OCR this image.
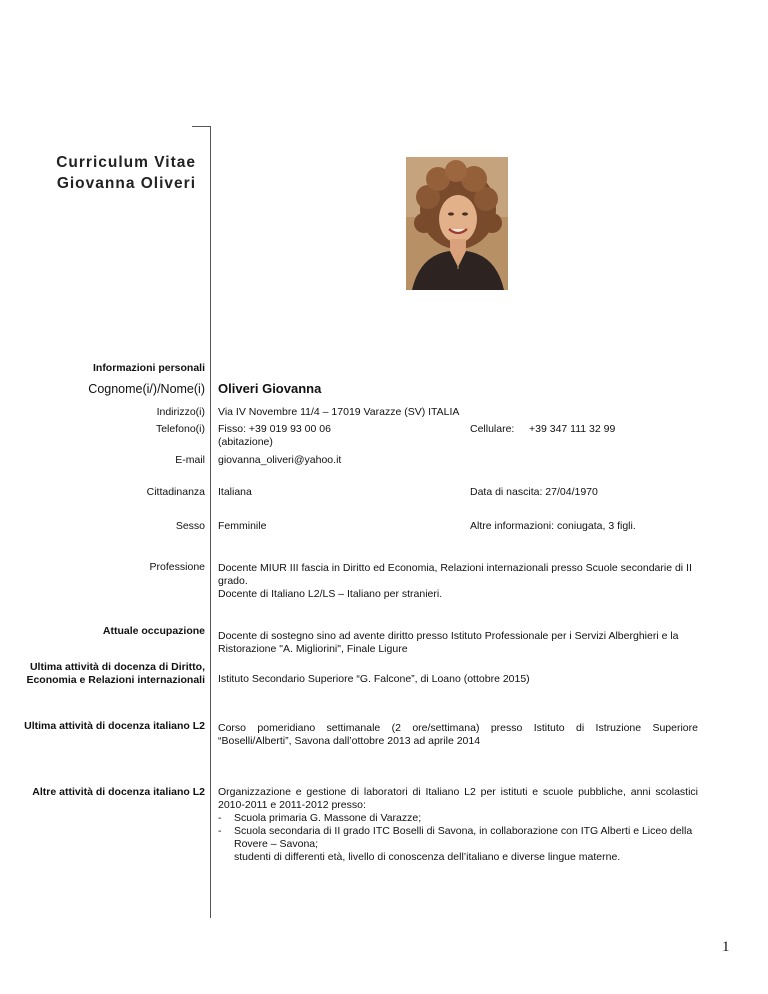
Curriculum Vitae
Giovanna Oliveri
Informazioni personali
Cognome(i/)/Nome(i) Oliveri Giovanna
Indirizzo(i) Via IV Novembre 11/4 – 17019 Varazze (SV) ITALIA
Telefono(i) Fisso: +39 019 93 00 06
(abitazione)
Cellulare: +39 347 111 32 99
E-mail giovanna_oliveri@yahoo.it
Cittadinanza Italiana	Data di nascita: 27/04/1970
Sesso Femminile	Altre informazioni: coniugata, 3 figli.
Professione Docente MIUR III fascia in Diritto ed Economia, Relazioni internazionali presso Scuole secondarie di II grado.
Docente di Italiano L2/LS – Italiano per stranieri.
Attuale occupazione Docente di sostegno sino ad avente diritto presso Istituto Professionale per i Servizi Alberghieri e la Ristorazione "A. Migliorini", Finale Ligure
Ultima attività di docenza di Diritto,
Economia e Relazioni internazionali Istituto Secondario Superiore “G. Falcone”, di Loano (ottobre 2015)
Ultima attività di docenza italiano L2 Corso pomeridiano settimanale (2 ore/settimana) presso Istituto di Istruzione Superiore “Boselli/Alberti”, Savona dall’ottobre 2013 ad aprile 2014
Altre attività di docenza italiano L2 Organizzazione e gestione di laboratori di Italiano L2 per istituti e scuole pubbliche, anni scolastici 2010-2011 e 2011-2012 presso:
- Scuola primaria G. Massone di Varazze;
- Scuola secondaria di II grado ITC Boselli di Savona, in collaborazione con ITG Alberti e Liceo della Rovere – Savona;
studenti di differenti età, livello di conoscenza dell’italiano e diverse lingue materne.
1
